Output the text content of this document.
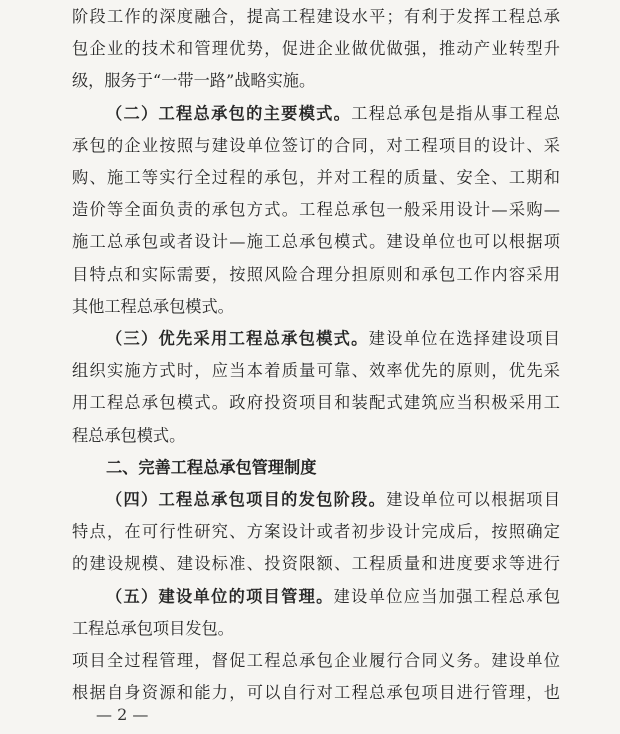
阶段工作的深度融合，提高工程建设水平；有利于发挥工程总承
包企业的技术和管理优势，促进企业做优做强，推动产业转型升
级，服务于“一带一路”战略实施。
（二）工程总承包的主要模式。工程总承包是指从事工程总
承包的企业按照与建设单位签订的合同，对工程项目的设计、采
购、施工等实行全过程的承包，并对工程的质量、安全、工期和
造价等全面负责的承包方式。工程总承包一般采用设计—采购—
施工总承包或者设计—施工总承包模式。建设单位也可以根据项
目特点和实际需要，按照风险合理分担原则和承包工作内容采用
其他工程总承包模式。
（三）优先采用工程总承包模式。建设单位在选择建设项目
组织实施方式时，应当本着质量可靠、效率优先的原则，优先采
用工程总承包模式。政府投资项目和装配式建筑应当积极采用工
程总承包模式。
二、完善工程总承包管理制度
（四）工程总承包项目的发包阶段。建设单位可以根据项目
特点，在可行性研究、方案设计或者初步设计完成后，按照确定
的建设规模、建设标准、投资限额、工程质量和进度要求等进行
工程总承包项目发包。
— 2 —
（五）建设单位的项目管理。建设单位应当加强工程总承包
项目全过程管理，督促工程总承包企业履行合同义务。建设单位
根据自身资源和能力，可以自行对工程总承包项目进行管理，也
